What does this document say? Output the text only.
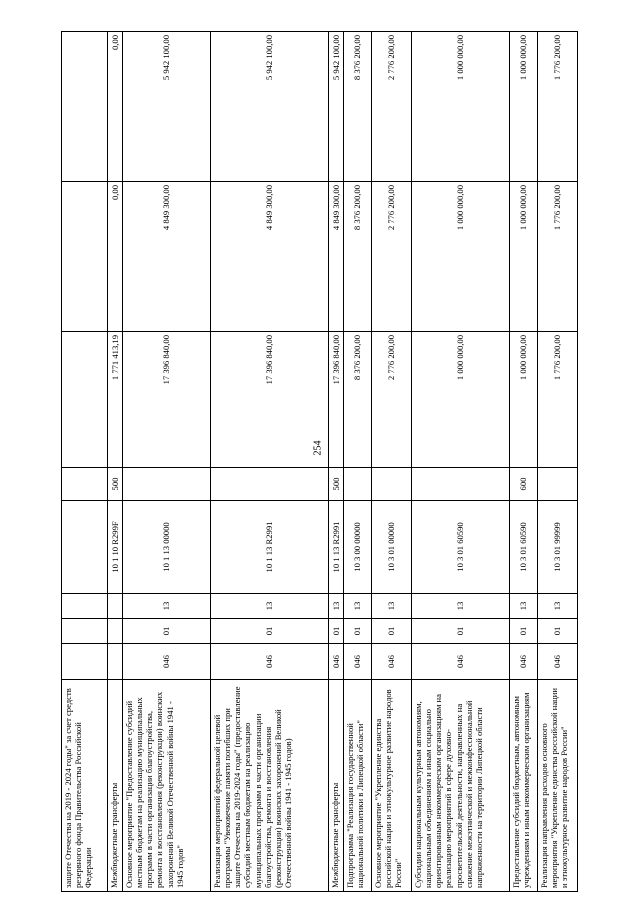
254
защите Отечества на 2019 - 2024 годы" за счет средств резервного фонда Правительства Российской Федерации								
Межбюджетные трансферты				10 1 10 R299F	500	1 771 413,19	0,00	0,00
Основное мероприятие "Предоставление субсидий местным бюджетам на реализацию муниципальных программ в части организации благоустройства, ремонта и восстановления (реконструкции) воинских захоронений Великой Отечественной войны 1941 - 1945 годов"	046	01	13	10 1 13 00000		17 396 840,00	4 849 300,00	5 942 100,00
Реализация мероприятий федеральной целевой программы "Увековечение памяти погибших при защите Отечества на 2019-2024 годы" (предоставление субсидий местным бюджетам на реализацию муниципальных программ в части организации благоустройства, ремонта и восстановления (реконструкции) воинских захоронений Великой Отечественной войны 1941 - 1945 годов)	046	01	13	10 1 13 R2991		17 396 840,00	4 849 300,00	5 942 100,00
Межбюджетные трансферты	046	01	13	10 1 13 R2991	500	17 396 840,00	4 849 300,00	5 942 100,00
Подпрограмма "Реализация государственной национальной политики в Липецкой области"	046	01	13	10 3 00 00000		8 376 200,00	8 376 200,00	8 376 200,00
Основное мероприятие "Укрепление единства российской нации и этнокультурное развитие народов России"	046	01	13	10 3 01 00000		2 776 200,00	2 776 200,00	2 776 200,00
Субсидии национальным культурным автономиям, национальным объединениям и иным социально ориентированным некоммерческим организациям на реализацию мероприятий в сфере духовно-просветительской деятельности, направленных на снижение межэтнической и межконфессиональной напряженности на территории Липецкой области	046	01	13	10 3 01 60590		1 000 000,00	1 000 000,00	1 000 000,00
Предоставление субсидий бюджетным, автономным учреждениям и иным некоммерческим организациям	046	01	13	10 3 01 60590	600	1 000 000,00	1 000 000,00	1 000 000,00
Реализация направления расходов основного мероприятия "Укрепление единства российской нации и этнокультурное развитие народов России"	046	01	13	10 3 01 99999		1 776 200,00	1 776 200,00	1 776 200,00
